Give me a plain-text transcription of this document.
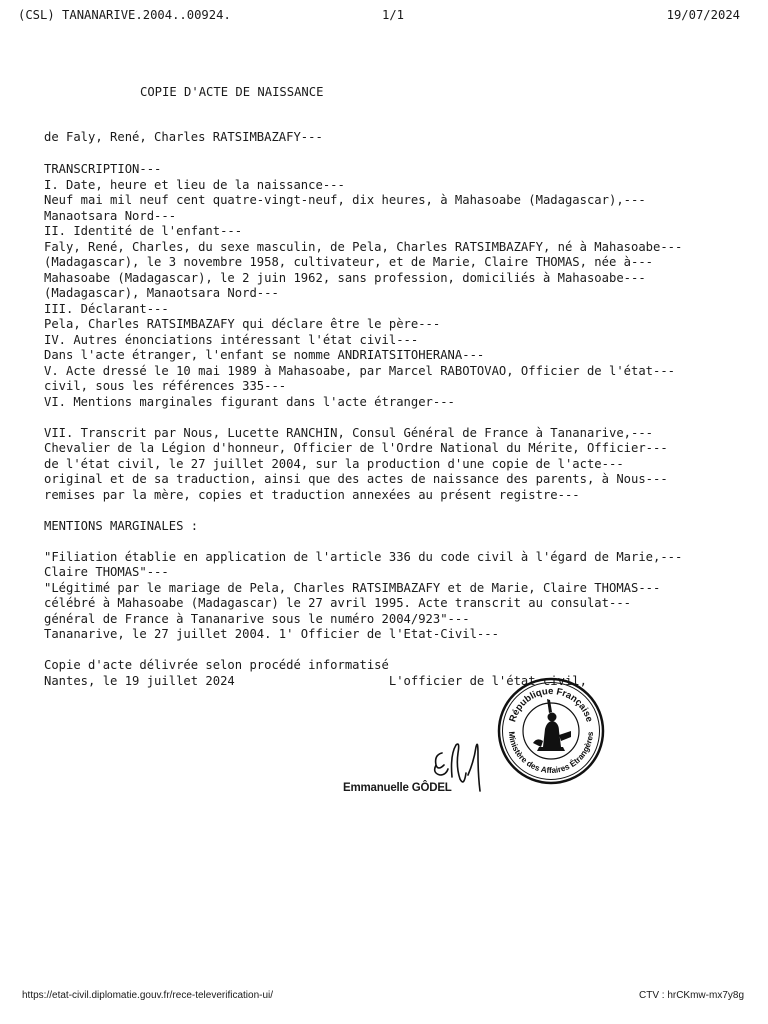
(CSL) TANANARIVE.2004..00924.

	1/1

	19/07/2024

COPIE D'ACTE DE NAISSANCE
de Faly, René, Charles RATSIMBAZAFY---
TRANSCRIPTION---
I. Date, heure et lieu de la naissance---
Neuf mai mil neuf cent quatre-vingt-neuf, dix heures, à Mahasoabe (Madagascar),---
Manaotsara Nord---
II. Identité de l'enfant---
Faly, René, Charles, du sexe masculin, de Pela, Charles RATSIMBAZAFY, né à Mahasoabe---
(Madagascar), le 3 novembre 1958, cultivateur, et de Marie, Claire THOMAS, née à---
Mahasoabe (Madagascar), le 2 juin 1962, sans profession, domiciliés à Mahasoabe---
(Madagascar), Manaotsara Nord---
III. Déclarant---
Pela, Charles RATSIMBAZAFY qui déclare être le père---
IV. Autres énonciations intéressant l'état civil---
Dans l'acte étranger, l'enfant se nomme ANDRIATSITOHERANA---
V. Acte dressé le 10 mai 1989 à Mahasoabe, par Marcel RABOTOVAO, Officier de l'état---
civil, sous les références 335---
VI. Mentions marginales figurant dans l'acte étranger---
VII. Transcrit par Nous, Lucette RANCHIN, Consul Général de France à Tananarive,---
Chevalier de la Légion d'honneur, Officier de l'Ordre National du Mérite, Officier---
de l'état civil, le 27 juillet 2004, sur la production d'une copie de l'acte---
original et de sa traduction, ainsi que des actes de naissance des parents, à Nous---
remises par la mère, copies et traduction annexées au présent registre---
MENTIONS MARGINALES :
"Filiation établie en application de l'article 336 du code civil à l'égard de Marie,---
Claire THOMAS"---
"Légitimé par le mariage de Pela, Charles RATSIMBAZAFY et de Marie, Claire THOMAS---
célébré à Mahasoabe (Madagascar) le 27 avril 1995. Acte transcrit au consulat---
général de France à Tananarive sous le numéro 2004/923"---
Tananarive, le 27 juillet 2004. 1' Officier de l'Etat-Civil---
Copie d'acte délivrée selon procédé informatisé
Nantes, le 19 juillet 2024                     L'officier de l'état civil,
République Française
Ministère des Affaires Étrangères
Emmanuelle GÔDEL
https://etat-civil.diplomatie.gouv.fr/rece-televerification-ui/	CTV : hrCKmw-mx7y8g
